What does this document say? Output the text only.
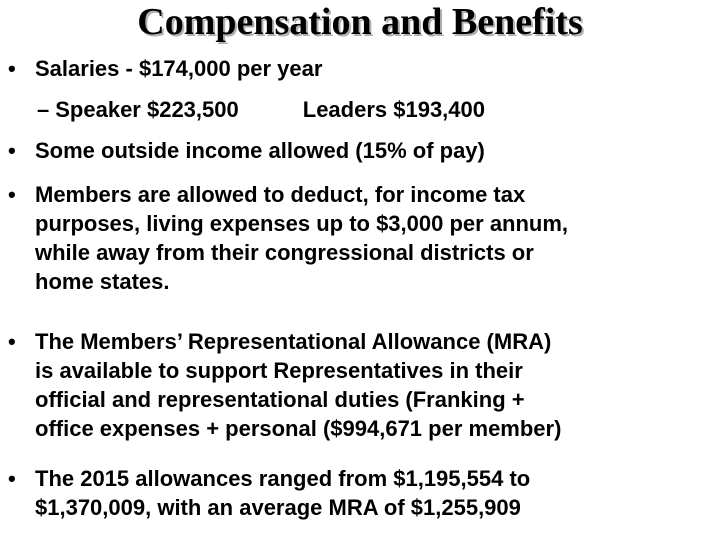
Compensation and Benefits
• Salaries - $174,000 per year
– Speaker $223,500	Leaders $193,400
• Some outside income allowed (15% of pay)
• Members are allowed to deduct, for income tax
purposes, living expenses up to $3,000 per annum,
while away from their congressional districts or
home states.
• The Members’ Representational Allowance (MRA)
is available to support Representatives in their
official and representational duties (Franking +
office expenses + personal ($994,671 per member)
• The 2015 allowances ranged from $1,195,554 to
$1,370,009, with an average MRA of $1,255,909
